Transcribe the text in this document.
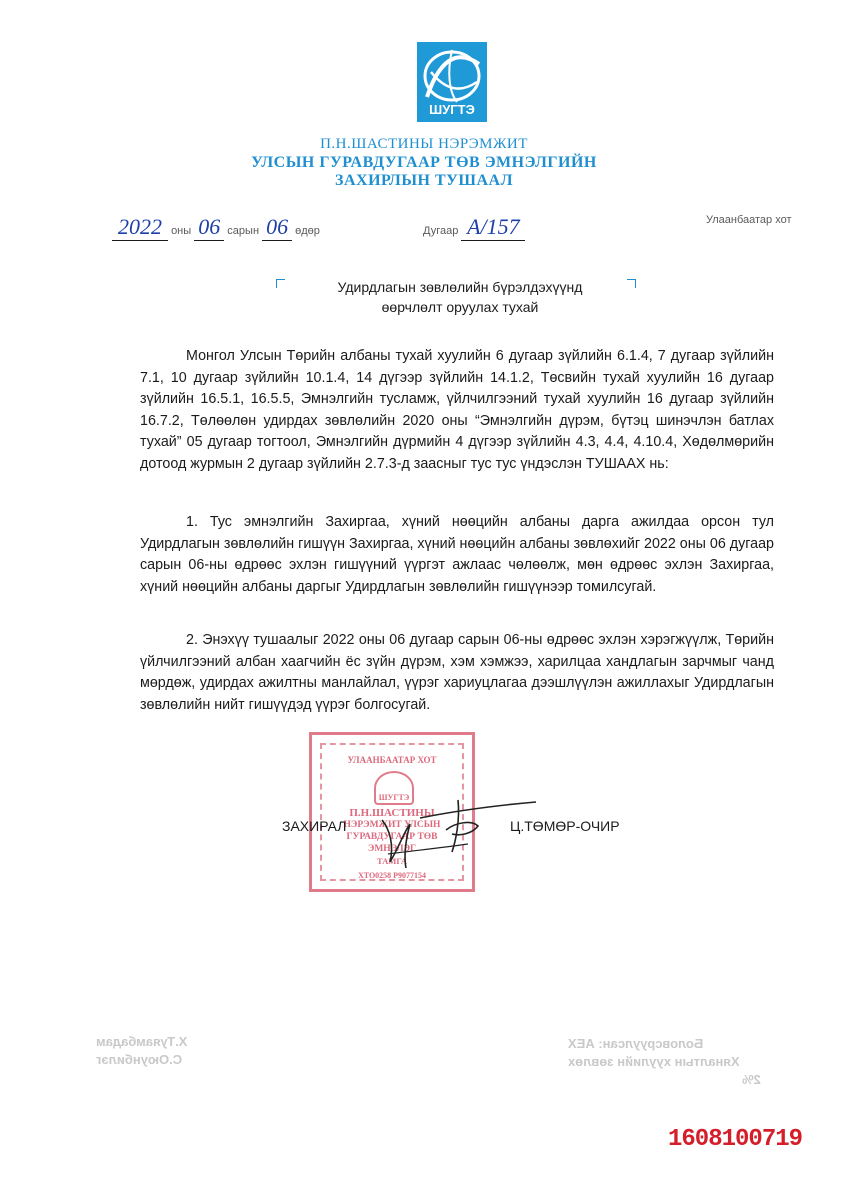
ШУГТЭ
П.Н.ШАСТИНЫ НЭРЭМЖИТ
УЛСЫН ГУРАВДУГААР ТӨВ ЭМНЭЛГИЙН
ЗАХИРЛЫН ТУШААЛ
2022 оны 06 сарын 06 өдөр	Дугаар А/157	Улаанбаатар хот
Удирдлагын зөвлөлийн бүрэлдэхүүнд
өөрчлөлт оруулах тухай

Монгол Улсын Төрийн албаны тухай хуулийн 6 дугаар зүйлийн 6.1.4, 7 дугаар зүйлийн 7.1, 10 дугаар зүйлийн 10.1.4, 14 дүгээр зүйлийн 14.1.2, Төсвийн тухай хуулийн 16 дугаар зүйлийн 16.5.1, 16.5.5, Эмнэлгийн тусламж, үйлчилгээний тухай хуулийн 16 дугаар зүйлийн 16.7.2, Төлөөлөн удирдах зөвлөлийн 2020 оны “Эмнэлгийн дүрэм, бүтэц шинэчлэн батлах тухай” 05 дугаар тогтоол, Эмнэлгийн дүрмийн 4 дүгээр зүйлийн 4.3, 4.4, 4.10.4, Хөдөлмөрийн дотоод журмын 2 дугаар зүйлийн 2.7.3-д заасныг тус тус үндэслэн ТУШААХ нь:

1. Тус эмнэлгийн Захиргаа, хүний нөөцийн албаны дарга ажилдаа орсон тул Удирдлагын зөвлөлийн гишүүн Захиргаа, хүний нөөцийн албаны зөвлөхийг 2022 оны 06 дугаар сарын 06-ны өдрөөс эхлэн гишүүний үүргэт ажлаас чөлөөлж, мөн өдрөөс эхлэн Захиргаа, хүний нөөцийн албаны даргыг Удирдлагын зөвлөлийн гишүүнээр томилсугай.

2. Энэхүү тушаалыг 2022 оны 06 дугаар сарын 06-ны өдрөөс эхлэн хэрэгжүүлж, Төрийн үйлчилгээний албан хаагчийн ёс зүйн дүрэм, хэм хэмжээ, харилцаа хандлагын зарчмыг чанд мөрдөж, удирдах ажилтны манлайлал, үүрэг хариуцлагаа дээшлүүлэн ажиллахыг Удирдлагын зөвлөлийн нийт гишүүдэд үүрэг болгосугай.

УЛААНБААТАР ХОТ
ШУГТЭ
П.Н.ШАСТИНЫ
НЭРЭМЖИТ УЛСЫН
ГУРАВДУГААР ТӨВ
ЭМНЭЛЭГ
ТАМГА
ХТО0258 Р9077154
ЗАХИРАЛ	Ц.ТӨМӨР-ОЧИР
Х.Туяамбадам
С.Оюунбилэг
Боловсруулсан: АЕХ
Хяналтын хуулийн зөвлөх
2%
1608100719
